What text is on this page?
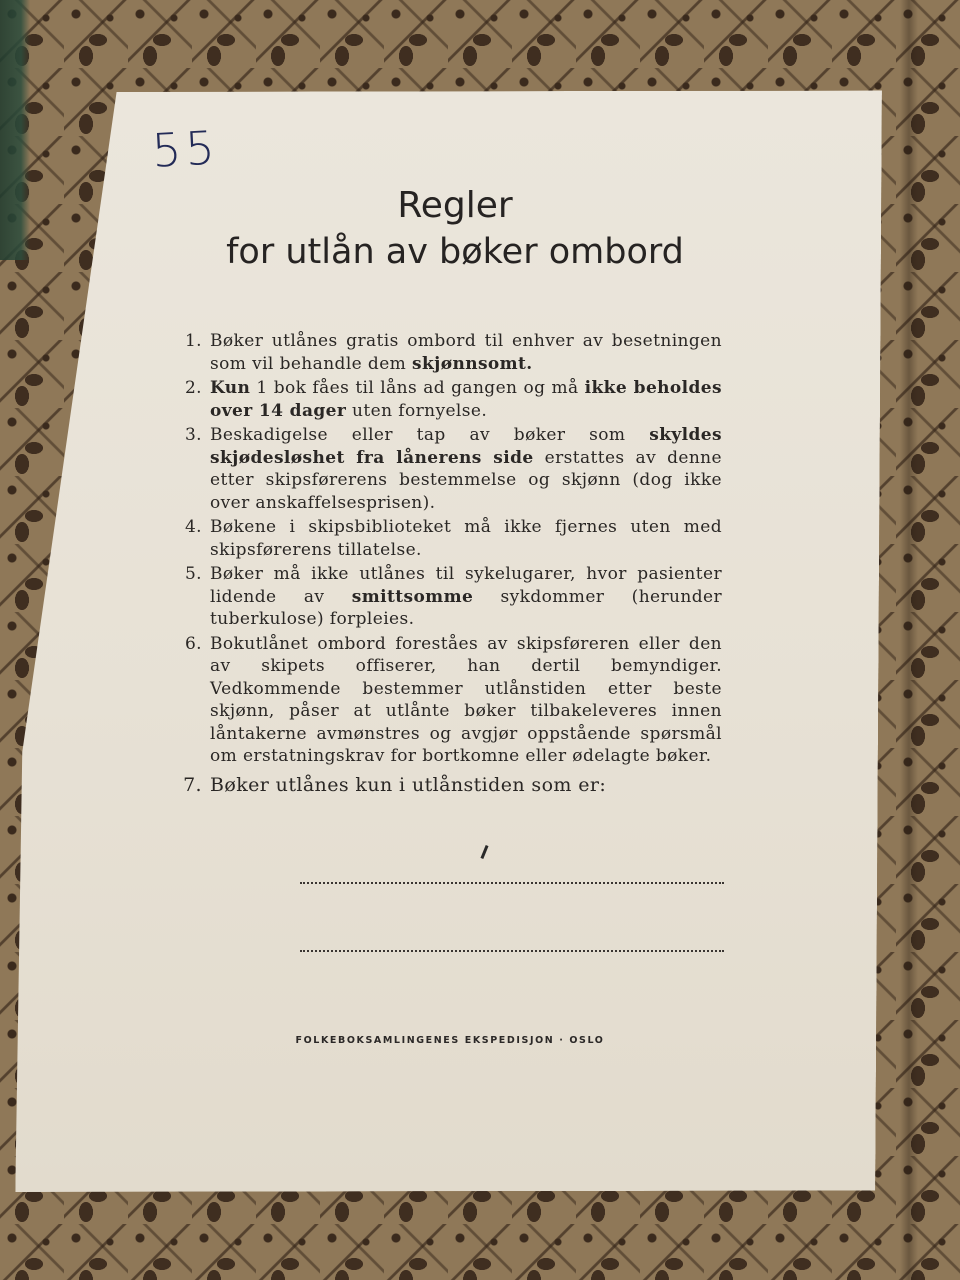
55
Regler
for utlån av bøker ombord
1. Bøker utlånes gratis ombord til enhver av besetningen som vil behandle dem skjønnsomt.
2. Kun 1 bok fåes til låns ad gangen og må ikke beholdes over 14 dager uten fornyelse.
3. Beskadigelse eller tap av bøker som skyldes skjødesløshet fra lånerens side erstattes av denne etter skipsførerens bestemmelse og skjønn (dog ikke over anskaffelsesprisen).
4. Bøkene i skipsbiblioteket må ikke fjernes uten med skipsførerens tillatelse.
5. Bøker må ikke utlånes til sykelugarer, hvor pasienter lidende av smittsomme sykdommer (herunder tuberkulose) forpleies.
6. Bokutlånet ombord foreståes av skipsføreren eller den av skipets offiserer, han dertil bemyndiger. Vedkommende bestemmer utlånstiden etter beste skjønn, påser at utlånte bøker tilbakeleveres innen låntakerne avmønstres og avgjør oppstående spørsmål om erstatningskrav for bortkomne eller ødelagte bøker.
7. Bøker utlånes kun i utlånstiden som er:
FOLKEBOKSAMLINGENES EKSPEDISJON · OSLO
